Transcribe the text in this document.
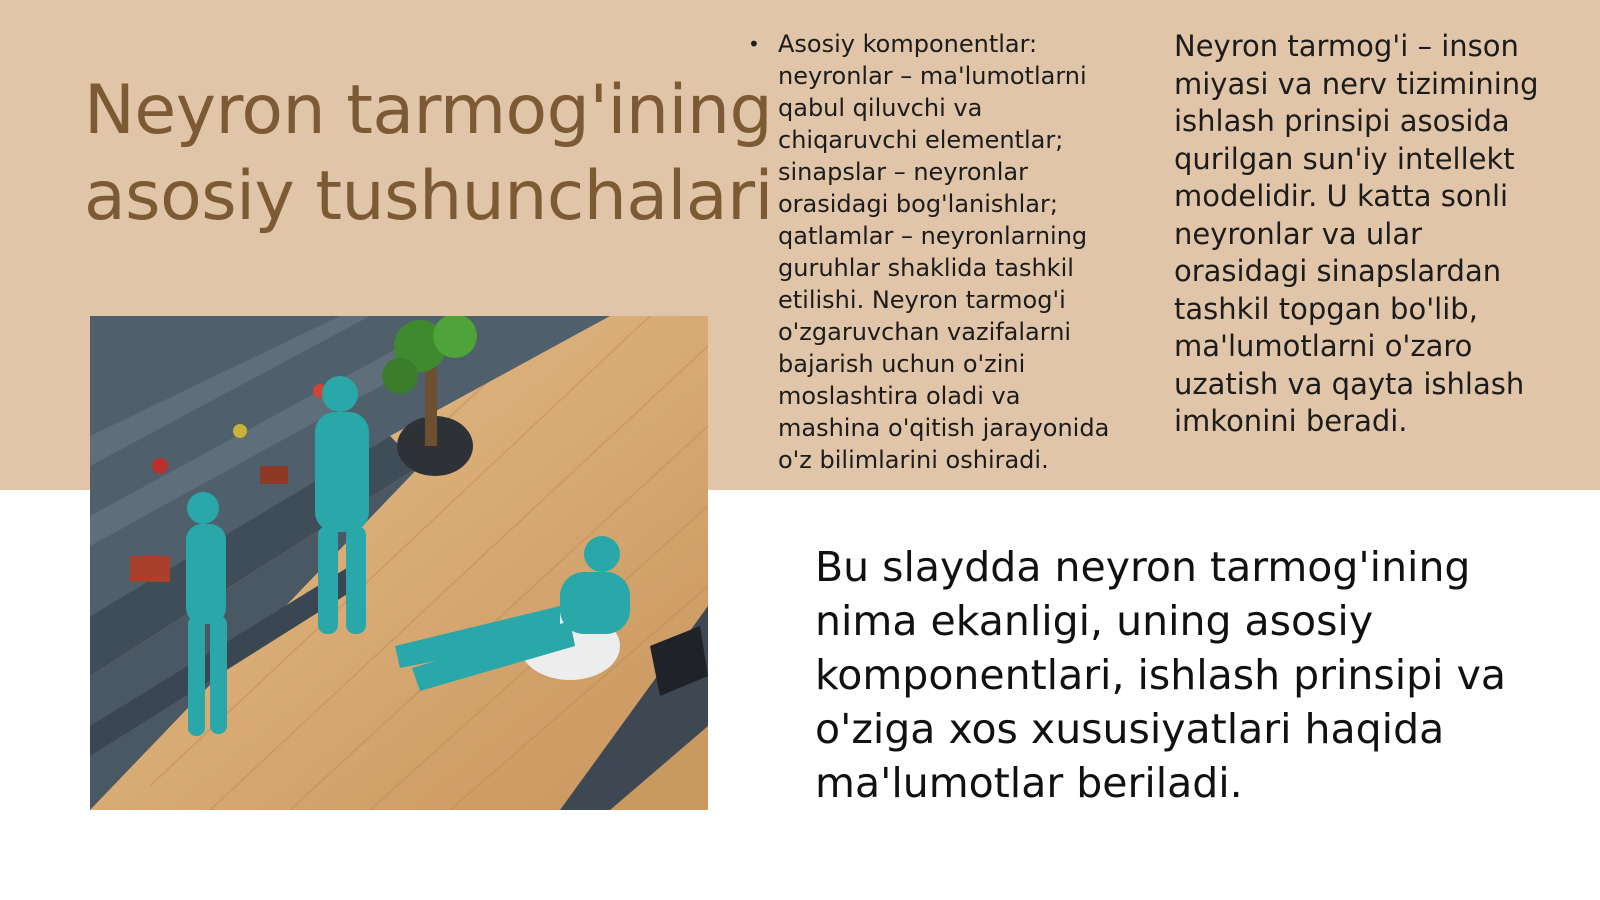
Neyron tarmog'ining
asosiy tushunchalari
• Asosiy komponentlar: neyronlar – ma'lumotlarni qabul qiluvchi va chiqaruvchi elementlar; sinapslar – neyronlar orasidagi bog'lanishlar; qatlamlar – neyronlarning guruhlar shaklida tashkil etilishi. Neyron tarmog'i o'zgaruvchan vazifalarni bajarish uchun o'zini moslashtira oladi va mashina o'qitish jarayonida o'z bilimlarini oshiradi.

Neyron tarmog'i – inson miyasi va nerv tizimining ishlash prinsipi asosida qurilgan sun'iy intellekt modelidir. U katta sonli neyronlar va ular orasidagi sinapslardan tashkil topgan bo'lib, ma'lumotlarni o'zaro uzatish va qayta ishlash imkonini beradi.

Bu slaydda neyron tarmog'ining nima ekanligi, uning asosiy komponentlari, ishlash prinsipi va o'ziga xos xususiyatlari haqida ma'lumotlar beriladi.
